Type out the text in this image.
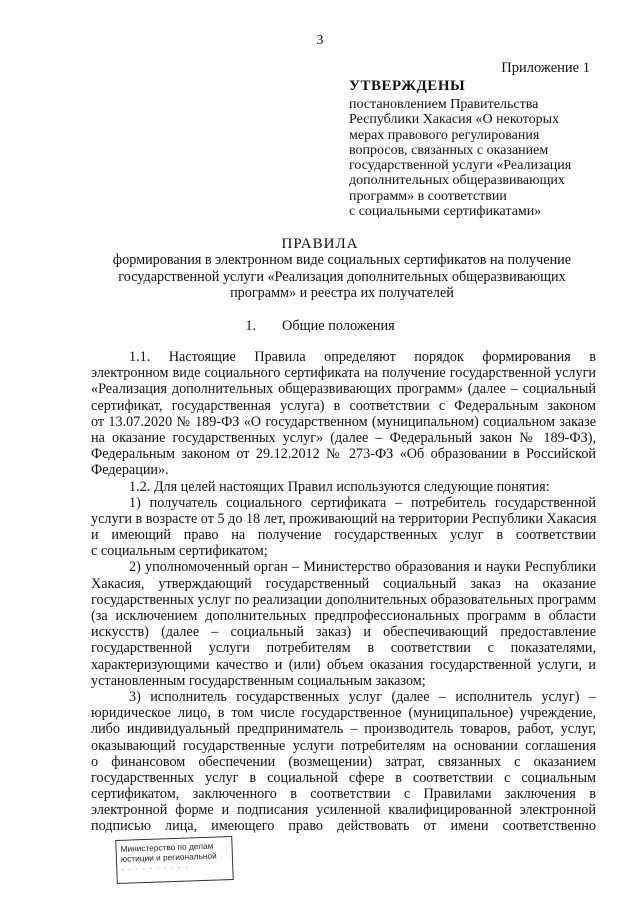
3
Приложение 1
УТВЕРЖДЕНЫ
постановлением Правительства
Республики Хакасия «О некоторых
мерах правового регулирования
вопросов, связанных с оказанием
государственной услуги «Реализация
дополнительных общеразвивающих
программ» в соответствии
с социальными сертификатами»
ПРАВИЛА
формирования в электронном виде социальных сертификатов на получение
государственной услуги «Реализация дополнительных общеразвивающих
программ» и реестра их получателей
1. Общие положения
1.1. Настоящие Правила определяют порядок формирования в
электронном виде социального сертификата на получение государственной услуги
«Реализация дополнительных общеразвивающих программ» (далее – социальный
сертификат, государственная услуга) в соответствии с Федеральным законом
от 13.07.2020 № 189-ФЗ «О государственном (муниципальном) социальном заказе
на оказание государственных услуг» (далее – Федеральный закон № 189-ФЗ),
Федеральным законом от 29.12.2012 № 273-ФЗ «Об образовании в Российской
Федерации».
1.2. Для целей настоящих Правил используются следующие понятия:
1) получатель социального сертификата – потребитель государственной
услуги в возрасте от 5 до 18 лет, проживающий на территории Республики Хакасия
и имеющий право на получение государственных услуг в соответствии
с социальным сертификатом;
2) уполномоченный орган – Министерство образования и науки Республики
Хакасия, утверждающий государственный социальный заказ на оказание
государственных услуг по реализации дополнительных образовательных программ
(за исключением дополнительных предпрофессиональных программ в области
искусств) (далее – социальный заказ) и обеспечивающий предоставление
государственной услуги потребителям в соответствии с показателями,
характеризующими качество и (или) объем оказания государственной услуги, и
установленным государственным социальным заказом;
3) исполнитель государственных услуг (далее – исполнитель услуг) –
юридическое лицо, в том числе государственное (муниципальное) учреждение,
либо индивидуальный предприниматель – производитель товаров, работ, услуг,
оказывающий государственные услуги потребителям на основании соглашения
о финансовом обеспечении (возмещении) затрат, связанных с оказанием
государственных услуг в социальной сфере в соответствии с социальным
сертификатом, заключенного в соответствии с Правилами заключения в
электронной форме и подписания усиленной квалифицированной электронной
подписью лица, имеющего право действовать от имени соответственно
Министерство по делам
юстиции и региональной
· · · · · · · · · ·
